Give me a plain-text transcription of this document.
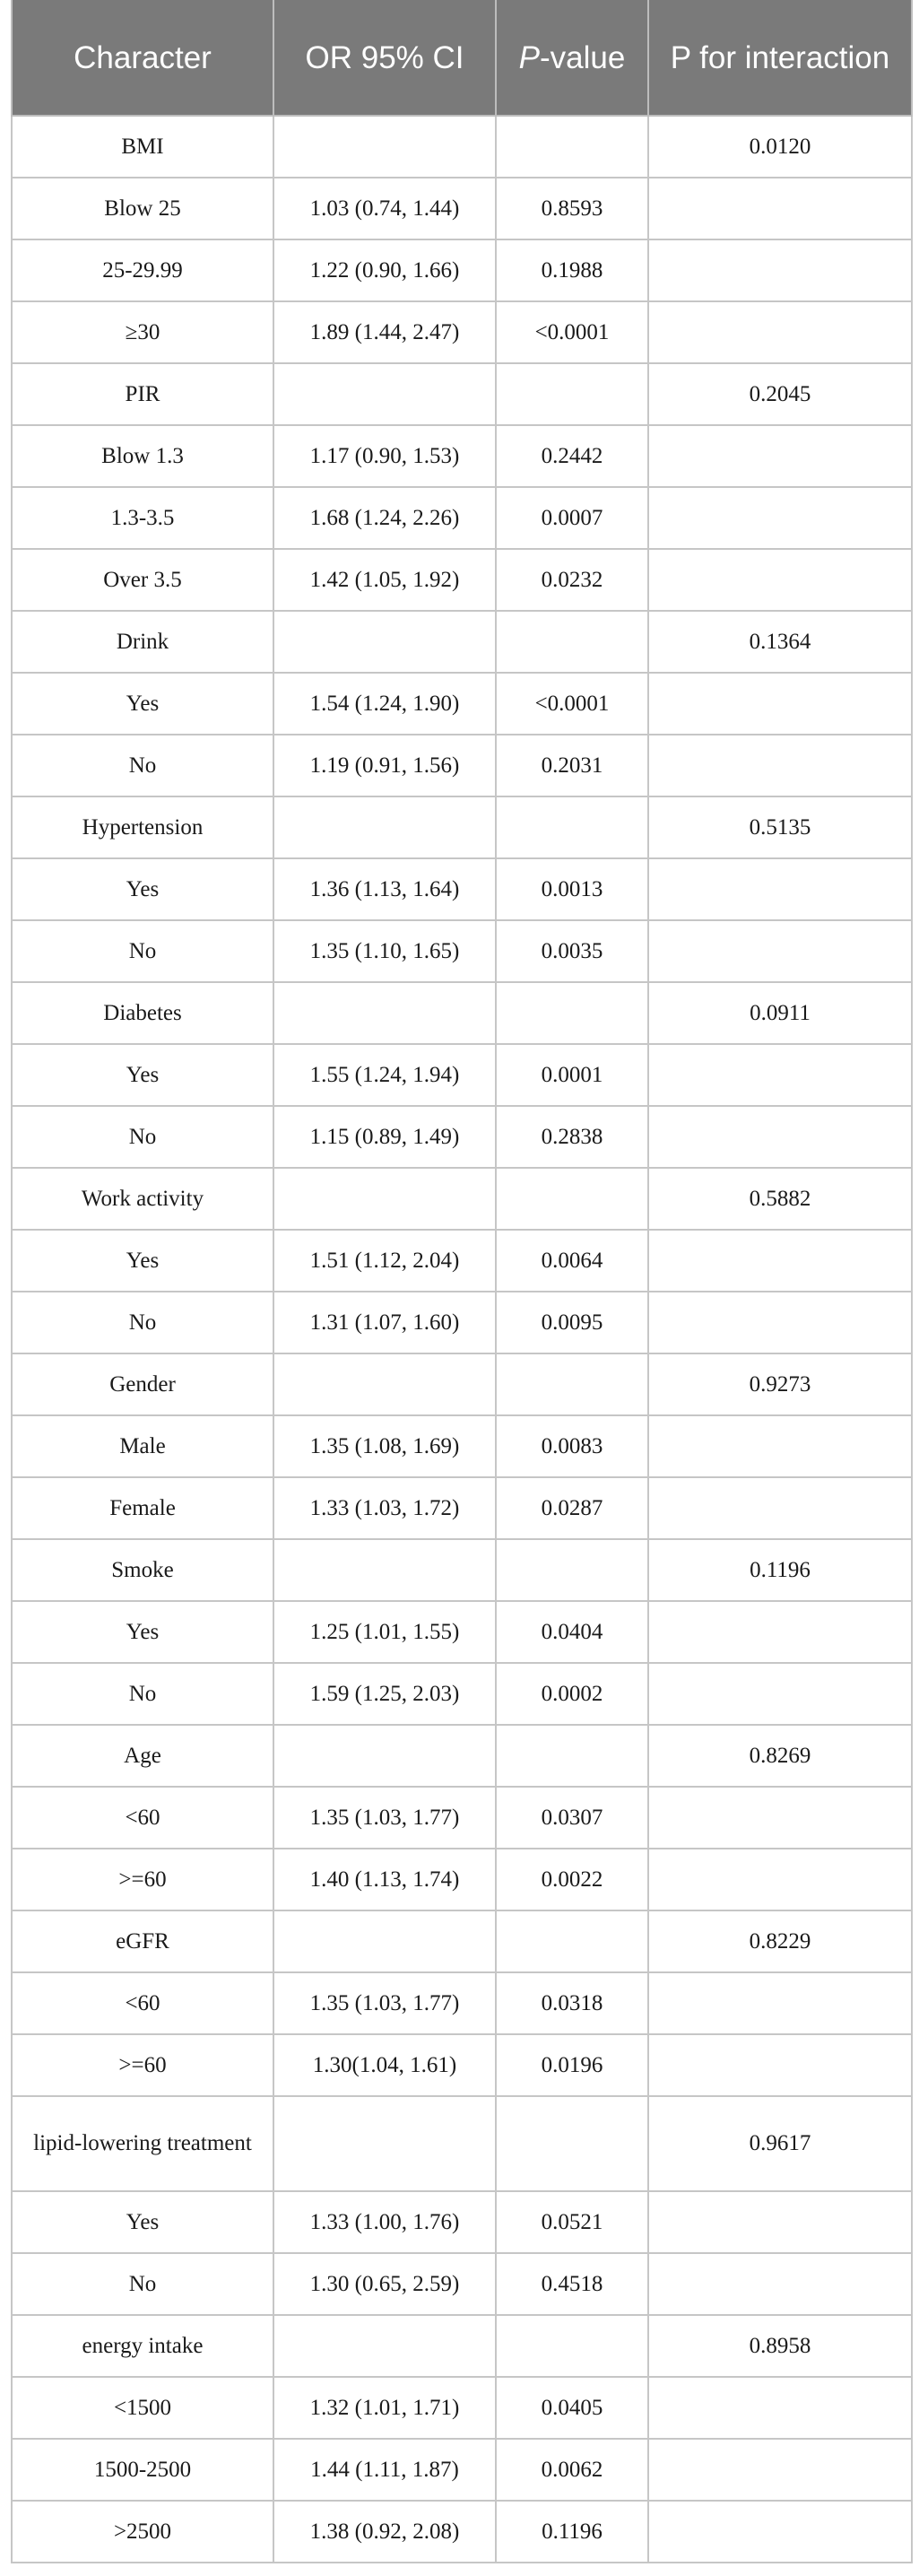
Character	OR 95% CI	P-value	P for interaction
BMI			0.0120
Blow 25	1.03 (0.74, 1.44)	0.8593	
25-29.99	1.22 (0.90, 1.66)	0.1988	
≥30	1.89 (1.44, 2.47)	<0.0001	
PIR			0.2045
Blow 1.3	1.17 (0.90, 1.53)	0.2442	
1.3-3.5	1.68 (1.24, 2.26)	0.0007	
Over 3.5	1.42 (1.05, 1.92)	0.0232	
Drink			0.1364
Yes	1.54 (1.24, 1.90)	<0.0001	
No	1.19 (0.91, 1.56)	0.2031	
Hypertension			0.5135
Yes	1.36 (1.13, 1.64)	0.0013	
No	1.35 (1.10, 1.65)	0.0035	
Diabetes			0.0911
Yes	1.55 (1.24, 1.94)	0.0001	
No	1.15 (0.89, 1.49)	0.2838	
Work activity			0.5882
Yes	1.51 (1.12, 2.04)	0.0064	
No	1.31 (1.07, 1.60)	0.0095	
Gender			0.9273
Male	1.35 (1.08, 1.69)	0.0083	
Female	1.33 (1.03, 1.72)	0.0287	
Smoke			0.1196
Yes	1.25 (1.01, 1.55)	0.0404	
No	1.59 (1.25, 2.03)	0.0002	
Age			0.8269
<60	1.35 (1.03, 1.77)	0.0307	
>=60	1.40 (1.13, 1.74)	0.0022	
eGFR			0.8229
<60	1.35 (1.03, 1.77)	0.0318	
>=60	1.30(1.04, 1.61)	0.0196	
lipid-lowering treatment			0.9617
Yes	1.33 (1.00, 1.76)	0.0521	
No	1.30 (0.65, 2.59)	0.4518	
energy intake			0.8958
<1500	1.32 (1.01, 1.71)	0.0405	
1500-2500	1.44 (1.11, 1.87)	0.0062	
>2500	1.38 (0.92, 2.08)	0.1196	
